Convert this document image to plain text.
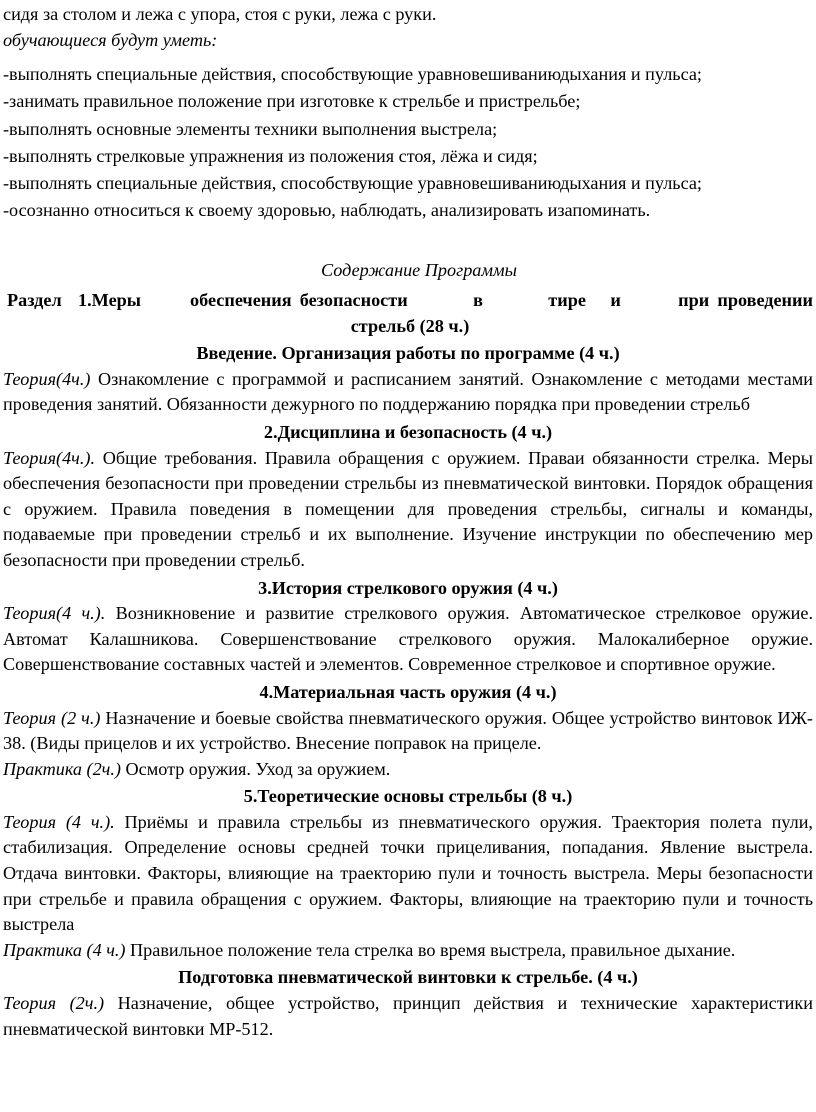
сидя за столом и лежа с упора, стоя с руки, лежа с руки.

обучающиеся будут уметь:

-выполнять специальные действия, способствующие уравновешиваниюдыхания и пульса;

-занимать правильное положение при изготовке к стрельбе и пристрельбе;

-выполнять основные элементы техники выполнения выстрела;

-выполнять стрелковые упражнения из положения стоя, лёжа и сидя;

-выполнять специальные действия, способствующие уравновешиваниюдыхания и пульса;

-осознанно относиться к своему здоровью, наблюдать, анализировать изапоминать.

Содержание Программы

Раздел  1.Меры      обеспечения безопасности        в        тире   и       при проведении

стрельб (28 ч.)

Введение. Организация работы по программе (4 ч.)

Теория(4ч.) Ознакомление с программой и расписанием занятий. Ознакомление с методами местами проведения занятий. Обязанности дежурного по поддержанию порядка при проведении стрельб

2.Дисциплина и безопасность (4 ч.)

Теория(4ч.). Общие требования. Правила обращения с оружием. Праваи обязанности стрелка. Меры обеспечения безопасности при проведении стрельбы из пневматической винтовки. Порядок обращения с оружием. Правила поведения в помещении для проведения стрельбы, сигналы и команды, подаваемые при проведении стрельб и их выполнение. Изучение инструкции по обеспечению мер безопасности при проведении стрельб.

3.История стрелкового оружия (4 ч.)

Теория(4 ч.). Возникновение и развитие стрелкового оружия. Автоматическое стрелковое оружие. Автомат Калашникова. Совершенствование стрелкового оружия. Малокалиберное оружие. Совершенствование составных частей и элементов. Современное стрелковое и спортивное оружие.

4.Материальная часть оружия (4 ч.)

Теория (2 ч.) Назначение и боевые свойства пневматического оружия. Общее устройство винтовок ИЖ- 38. (Виды прицелов и их устройство. Внесение поправок на прицеле.

Практика (2ч.) Осмотр оружия. Уход за оружием.

5.Теоретические основы стрельбы (8 ч.)

Теория (4 ч.). Приёмы и правила стрельбы из пневматического оружия. Траектория полета пули, стабилизация. Определение основы средней точки прицеливания, попадания. Явление выстрела. Отдача винтовки. Факторы, влияющие на траекторию пули и точность выстрела. Меры безопасности при стрельбе и правила обращения с оружием. Факторы, влияющие на траекторию пули и точность выстрела

Практика (4 ч.) Правильное положение тела стрелка во время выстрела, правильное дыхание.

Подготовка пневматической винтовки к стрельбе. (4 ч.)

Теория (2ч.) Назначение, общее устройство, принцип действия и технические характеристики пневматической винтовки МР-512.
